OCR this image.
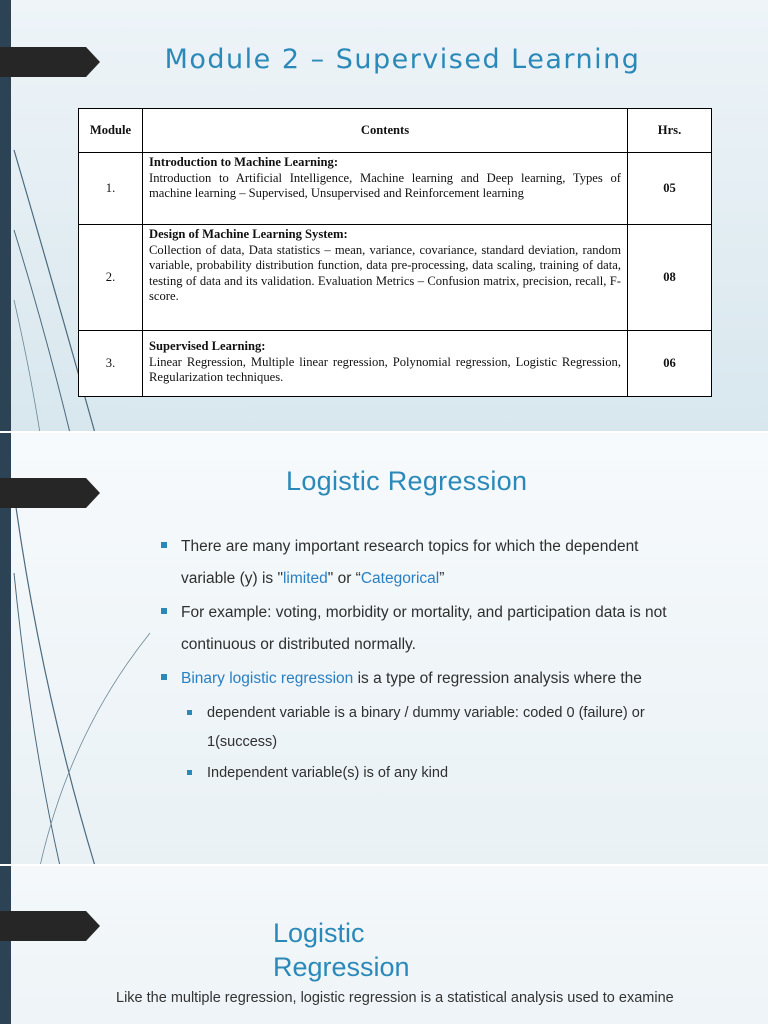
Module 2 – Supervised Learning
Module	Contents	Hrs.
1.	Introduction to Machine Learning:
Introduction to Artificial Intelligence, Machine learning and Deep learning, Types of machine learning – Supervised, Unsupervised and Reinforcement learning	05
2.	Design of Machine Learning System:
Collection of data, Data statistics – mean, variance, covariance, standard deviation, random variable, probability distribution function, data pre-processing, data scaling, training of data, testing of data and its validation. Evaluation Metrics – Confusion matrix, precision, recall, F-score.	08
3.	Supervised Learning:
Linear Regression, Multiple linear regression, Polynomial regression, Logistic Regression, Regularization techniques.	06
Logistic Regression
There are many important research topics for which the dependent variable (y) is "limited" or “Categorical”
For example: voting, morbidity or mortality, and participation data is not continuous or distributed normally.
Binary logistic regression is a type of regression analysis where the
dependent variable is a binary / dummy variable: coded 0 (failure) or 1(success)
Independent variable(s) is of any kind
Logistic
Regression
Like the multiple regression, logistic regression is a statistical analysis used to examine
